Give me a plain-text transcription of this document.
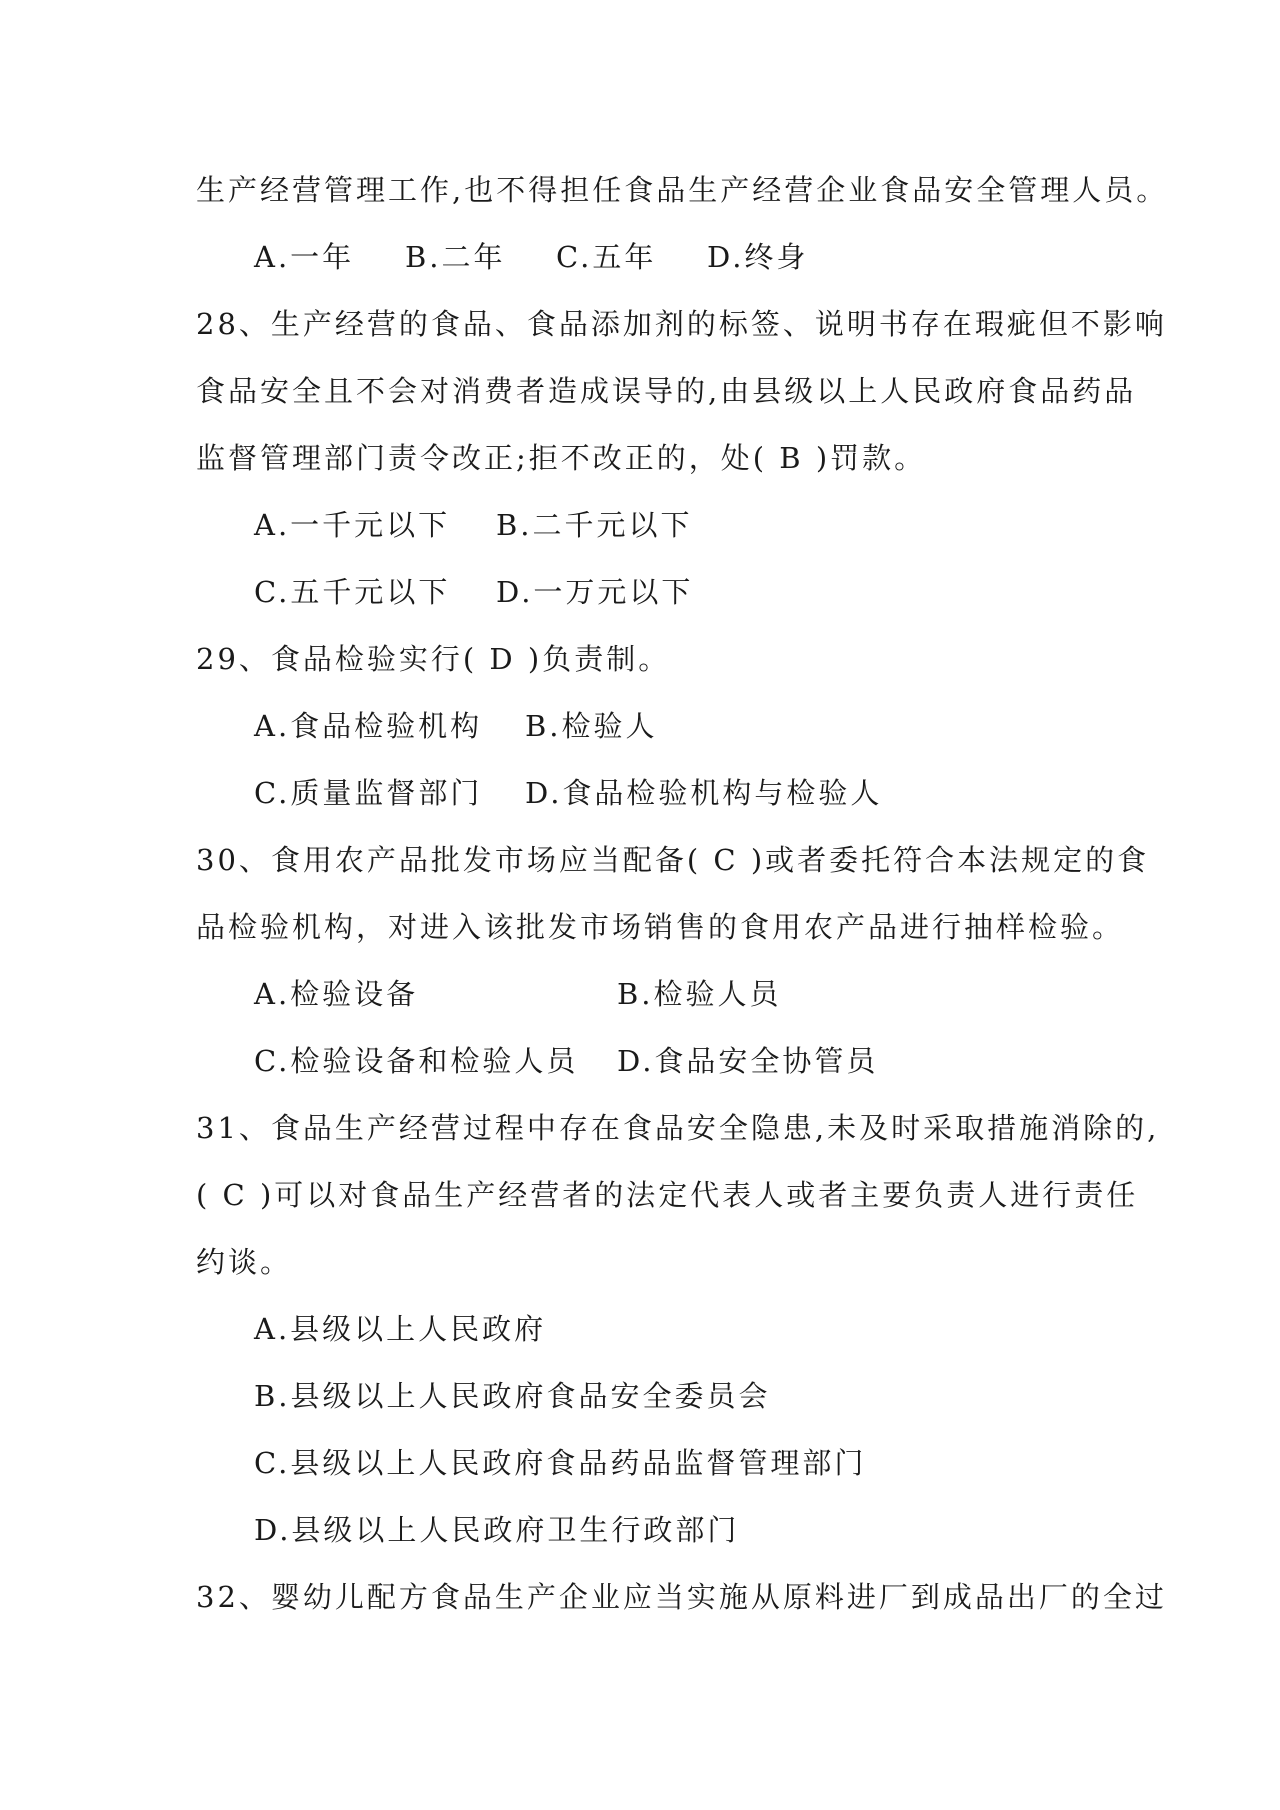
生产经营管理工作,也不得担任食品生产经营企业食品安全管理人员。
A.一年 B.二年 C.五年 D.终身
28、生产经营的食品、食品添加剂的标签、说明书存在瑕疵但不影响
食品安全且不会对消费者造成误导的,由县级以上人民政府食品药品
监督管理部门责令改正;拒不改正的，处( B )罚款。
A.一千元以下 B.二千元以下
C.五千元以下 D.一万元以下
29、食品检验实行( D )负责制。
A.食品检验机构 B.检验人
C.质量监督部门 D.食品检验机构与检验人
30、食用农产品批发市场应当配备( C )或者委托符合本法规定的食
品检验机构，对进入该批发市场销售的食用农产品进行抽样检验。
A.检验设备	B.检验人员
C.检验设备和检验人员 D.食品安全协管员
31、食品生产经营过程中存在食品安全隐患,未及时采取措施消除的,
( C )可以对食品生产经营者的法定代表人或者主要负责人进行责任
约谈。
A.县级以上人民政府
B.县级以上人民政府食品安全委员会
C.县级以上人民政府食品药品监督管理部门
D.县级以上人民政府卫生行政部门
32、婴幼儿配方食品生产企业应当实施从原料进厂到成品出厂的全过
